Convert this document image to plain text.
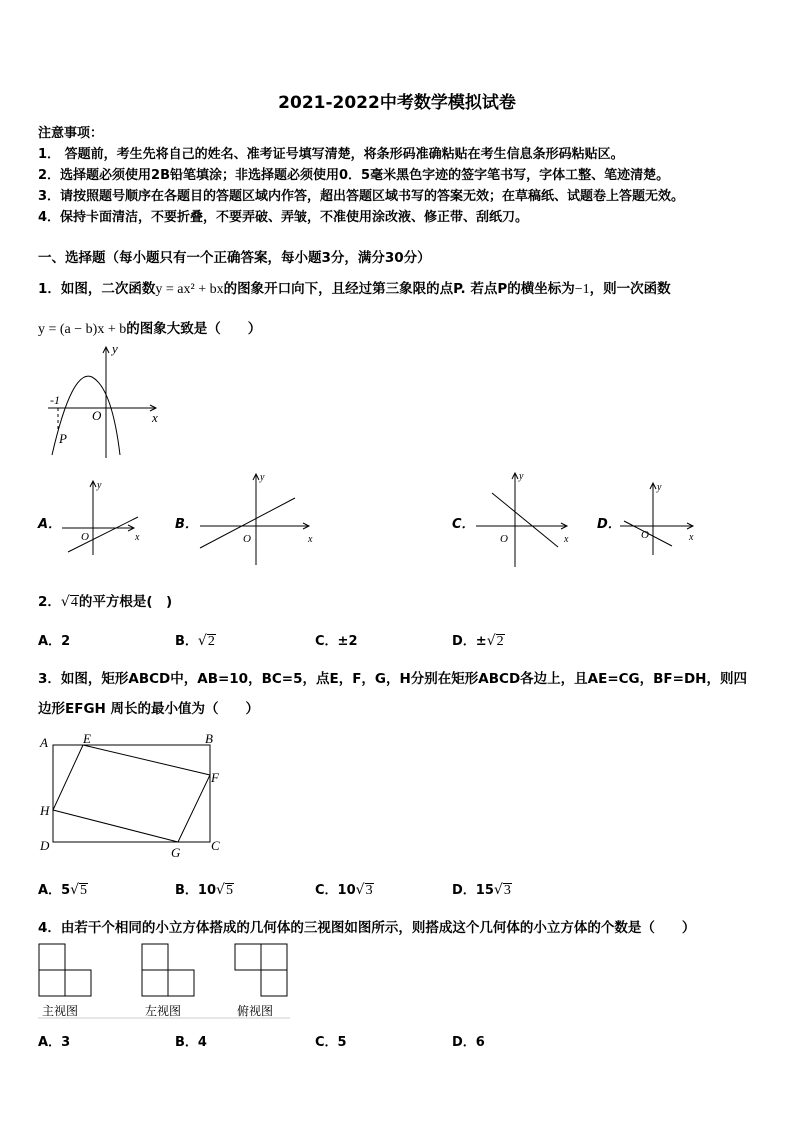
2021-2022中考数学模拟试卷
注意事项：
1． 答题前，考生先将自己的姓名、准考证号填写清楚，将条形码准确粘贴在考生信息条形码粘贴区。
2．选择题必须使用2B铅笔填涂；非选择题必须使用0．5毫米黑色字迹的签字笔书写，字体工整、笔迹清楚。
3．请按照题号顺序在各题目的答题区域内作答，超出答题区域书写的答案无效；在草稿纸、试题卷上答题无效。
4．保持卡面清洁，不要折叠，不要弄破、弄皱，不准使用涂改液、修正带、刮纸刀。
一、选择题（每小题只有一个正确答案，每小题3分，满分30分）
1．如图，二次函数y = ax² + bx的图象开口向下，且经过第三象限的点P. 若点P的横坐标为−1，则一次函数
y = (a − b)x + b的图象大致是（　　）
y
x
O
-1
P
A．
y
x
O
B．
y
x
O
C．
y
x
O
D．
y
x
O
A	E	B
F
H
D	G C
2．√4的平方根是(　)
A．2	B．√2	C．±2	D．±√2
3．如图，矩形ABCD中，AB=10，BC=5，点E，F，G，H分别在矩形ABCD各边上，且AE=CG，BF=DH，则四
边形EFGH 周长的最小值为（　　）
A．5√5	B．10√5	C．10√3	D．15√3
4．由若干个相同的小立方体搭成的几何体的三视图如图所示，则搭成这个几何体的小立方体的个数是（　　）
主视图	左视图	俯视图
A．3	B．4	C．5	D．6
